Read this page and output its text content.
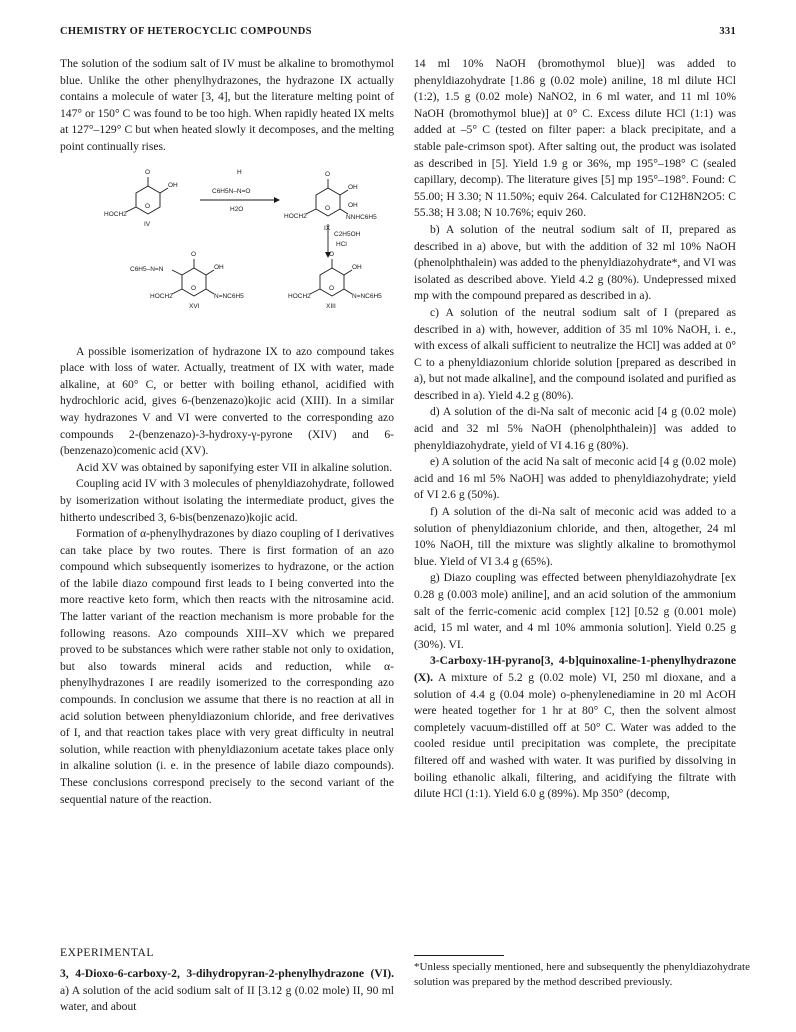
CHEMISTRY OF HETEROCYCLIC COMPOUNDS	331

The solution of the sodium salt of IV must be alkaline to bromothymol blue. Unlike the other phenylhydrazones, the hydrazone IX actually contains a molecule of water [3, 4], but the literature melting point of 147° or 150° C was found to be too high. When rapidly heated IX melts at 127°–129° C but when heated slowly it decomposes, and the melting point continually rises.

O
OH
O
HOCH2
IV
H
C6H5N–N=O
H2O
O
OH
OH
NNHC6H5
O
HOCH2
IX
C2H5OH
HCl
O
OH
C6H5–N=N
N=NC6H5
O
HOCH2
XVI
O
OH
N=NC6H5
O
HOCH2
XIII

A possible isomerization of hydrazone IX to azo compound takes place with loss of water. Actually, treatment of IX with water, made alkaline, at 60° C, or better with boiling ethanol, acidified with hydrochloric acid, gives 6-(benzenazo)kojic acid (XIII). In a similar way hydrazones V and VI were converted to the corresponding azo compounds 2-(benzenazo)-3-hydroxy-γ-pyrone (XIV) and 6-(benzenazo)comenic acid (XV).

Acid XV was obtained by saponifying ester VII in alkaline solution.

Coupling acid IV with 3 molecules of phenyldiazohydrate, followed by isomerization without isolating the intermediate product, gives the hitherto undescribed 3, 6-bis(benzenazo)kojic acid.

Formation of α-phenylhydrazones by diazo coupling of I derivatives can take place by two routes. There is first formation of an azo compound which subsequently isomerizes to hydrazone, or the action of the labile diazo compound first leads to I being converted into the more reactive keto form, which then reacts with the nitrosamine acid. The latter variant of the reaction mechanism is more probable for the following reasons. Azo compounds XIII–XV which we prepared proved to be substances which were rather stable not only to oxidation, but also towards mineral acids and reduction, while α-phenylhydrazones I are readily isomerized to the corresponding azo compounds. In conclusion we assume that there is no reaction at all in acid solution between phenyldiazonium chloride, and free derivatives of I, and that reaction takes place with very great difficulty in neutral solution, while reaction with phenyldiazonium acetate takes place only in alkaline solution (i. e. in the presence of labile diazo compounds). These conclusions correspond precisely to the second variant of the sequential nature of the reaction.

EXPERIMENTAL
3, 4-Dioxo-6-carboxy-2, 3-dihydropyran-2-phenylhydrazone (VI). a) A solution of the acid sodium salt of II [3.12 g (0.02 mole) II, 90 ml water, and about

14 ml 10% NaOH (bromothymol blue)] was added to phenyldiazohydrate [1.86 g (0.02 mole) aniline, 18 ml dilute HCl (1:2), 1.5 g (0.02 mole) NaNO2, in 6 ml water, and 11 ml 10% NaOH (bromothymol blue)] at 0° C. Excess dilute HCl (1:1) was added at –5° C (tested on filter paper: a black precipitate, and a stable pale-crimson spot). After salting out, the product was isolated as described in [5]. Yield 1.9 g or 36%, mp 195°–198° C (sealed capillary, decomp). The literature gives [5] mp 195°–198°. Found: C 55.00; H 3.30; N 11.50%; equiv 264. Calculated for C12H8N2O5: C 55.38; H 3.08; N 10.76%; equiv 260.

b) A solution of the neutral sodium salt of II, prepared as described in a) above, but with the addition of 32 ml 10% NaOH (phenolphthalein) was added to the phenyldiazohydrate*, and VI was isolated as described above. Yield 4.2 g (80%). Undepressed mixed mp with the compound prepared as described in a).

c) A solution of the neutral sodium salt of I (prepared as described in a) with, however, addition of 35 ml 10% NaOH, i. e., with excess of alkali sufficient to neutralize the HCl] was added at 0° C to a phenyldiazonium chloride solution [prepared as described in a), but not made alkaline], and the compound isolated and purified as described in a). Yield 4.2 g (80%).

d) A solution of the di-Na salt of meconic acid [4 g (0.02 mole) acid and 32 ml 5% NaOH (phenolphthalein)] was added to phenyldiazohydrate, yield of VI 4.16 g (80%).

e) A solution of the acid Na salt of meconic acid [4 g (0.02 mole) acid and 16 ml 5% NaOH] was added to phenyldiazohydrate; yield of VI 2.6 g (50%).

f) A solution of the di-Na salt of meconic acid was added to a solution of phenyldiazonium chloride, and then, altogether, 24 ml 10% NaOH, till the mixture was slightly alkaline to bromothymol blue. Yield of VI 3.4 g (65%).

g) Diazo coupling was effected between phenyldiazohydrate [ex 0.28 g (0.003 mole) aniline], and an acid solution of the ammonium salt of the ferric-comenic acid complex [12] [0.52 g (0.001 mole) acid, 15 ml water, and 4 ml 10% ammonia solution]. Yield 0.25 g (30%). VI.

3-Carboxy-1H-pyrano[3, 4-b]quinoxaline-1-phenylhydrazone (X). A mixture of 5.2 g (0.02 mole) VI, 250 ml dioxane, and a solution of 4.4 g (0.04 mole) o-phenylenediamine in 20 ml AcOH were heated together for 1 hr at 80° C, then the solvent almost completely vacuum-distilled off at 50° C. Water was added to the cooled residue until precipitation was complete, the precipitate filtered off and washed with water. It was purified by dissolving in boiling ethanolic alkali, filtering, and acidifying the filtrate with dilute HCl (1:1). Yield 6.0 g (89%). Mp 350° (decomp,

*Unless specially mentioned, here and subsequently the phenyldiazohydrate solution was prepared by the method described previously.
